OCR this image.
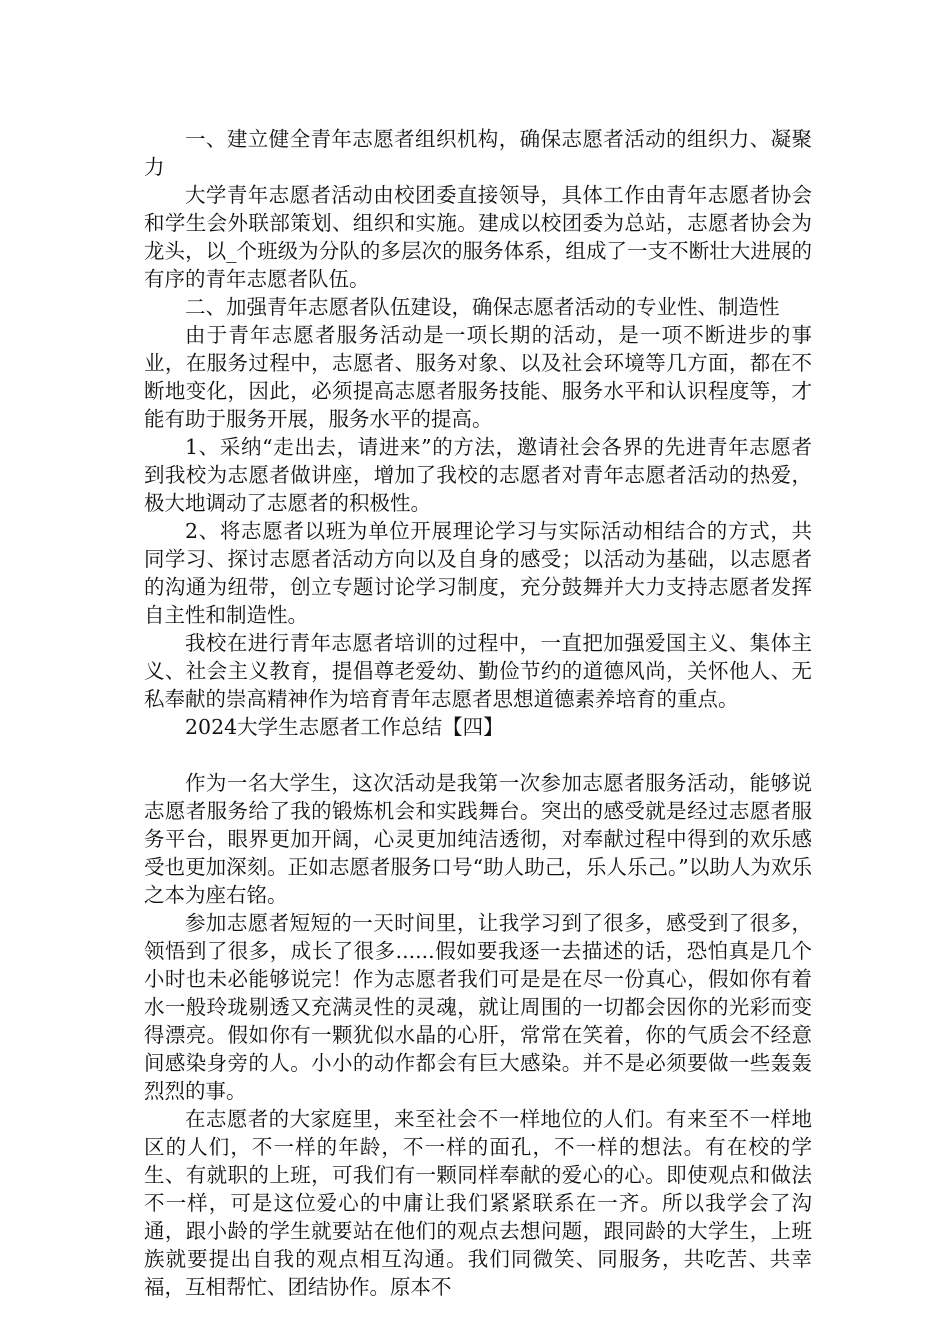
一、建立健全青年志愿者组织机构，确保志愿者活动的组织力、凝聚力

大学青年志愿者活动由校团委直接领导，具体工作由青年志愿者协会和学生会外联部策划、组织和实施。建成以校团委为总站，志愿者协会为龙头，以_个班级为分队的多层次的服务体系，组成了一支不断壮大进展的有序的青年志愿者队伍。

二、加强青年志愿者队伍建设，确保志愿者活动的专业性、制造性

由于青年志愿者服务活动是一项长期的活动，是一项不断进步的事业，在服务过程中，志愿者、服务对象、以及社会环境等几方面，都在不断地变化，因此，必须提高志愿者服务技能、服务水平和认识程度等，才能有助于服务开展，服务水平的提高。

1、采纳“走出去，请进来”的方法，邀请社会各界的先进青年志愿者到我校为志愿者做讲座，增加了我校的志愿者对青年志愿者活动的热爱，极大地调动了志愿者的积极性。

2、将志愿者以班为单位开展理论学习与实际活动相结合的方式，共同学习、探讨志愿者活动方向以及自身的感受；以活动为基础，以志愿者的沟通为纽带，创立专题讨论学习制度，充分鼓舞并大力支持志愿者发挥自主性和制造性。

我校在进行青年志愿者培训的过程中，一直把加强爱国主义、集体主义、社会主义教育，提倡尊老爱幼、勤俭节约的道德风尚，关怀他人、无私奉献的崇高精神作为培育青年志愿者思想道德素养培育的重点。

2024大学生志愿者工作总结【四】

作为一名大学生，这次活动是我第一次参加志愿者服务活动，能够说志愿者服务给了我的锻炼机会和实践舞台。突出的感受就是经过志愿者服务平台，眼界更加开阔，心灵更加纯洁透彻，对奉献过程中得到的欢乐感受也更加深刻。正如志愿者服务口号“助人助己，乐人乐己。”以助人为欢乐之本为座右铭。

参加志愿者短短的一天时间里，让我学习到了很多，感受到了很多，领悟到了很多，成长了很多......假如要我逐一去描述的话，恐怕真是几个小时也未必能够说完！作为志愿者我们可是是在尽一份真心，假如你有着水一般玲珑剔透又充满灵性的灵魂，就让周围的一切都会因你的光彩而变得漂亮。假如你有一颗犹似水晶的心肝，常常在笑着，你的气质会不经意间感染身旁的人。小小的动作都会有巨大感染。并不是必须要做一些轰轰烈烈的事。

在志愿者的大家庭里，来至社会不一样地位的人们。有来至不一样地区的人们，不一样的年龄，不一样的面孔，不一样的想法。有在校的学生、有就职的上班，可我们有一颗同样奉献的爱心的心。即使观点和做法不一样，可是这位爱心的中庸让我们紧紧联系在一齐。所以我学会了沟通，跟小龄的学生就要站在他们的观点去想问题，跟同龄的大学生，上班族就要提出自我的观点相互沟通。我们同微笑、同服务，共吃苦、共幸福，互相帮忙、团结协作。原本不
